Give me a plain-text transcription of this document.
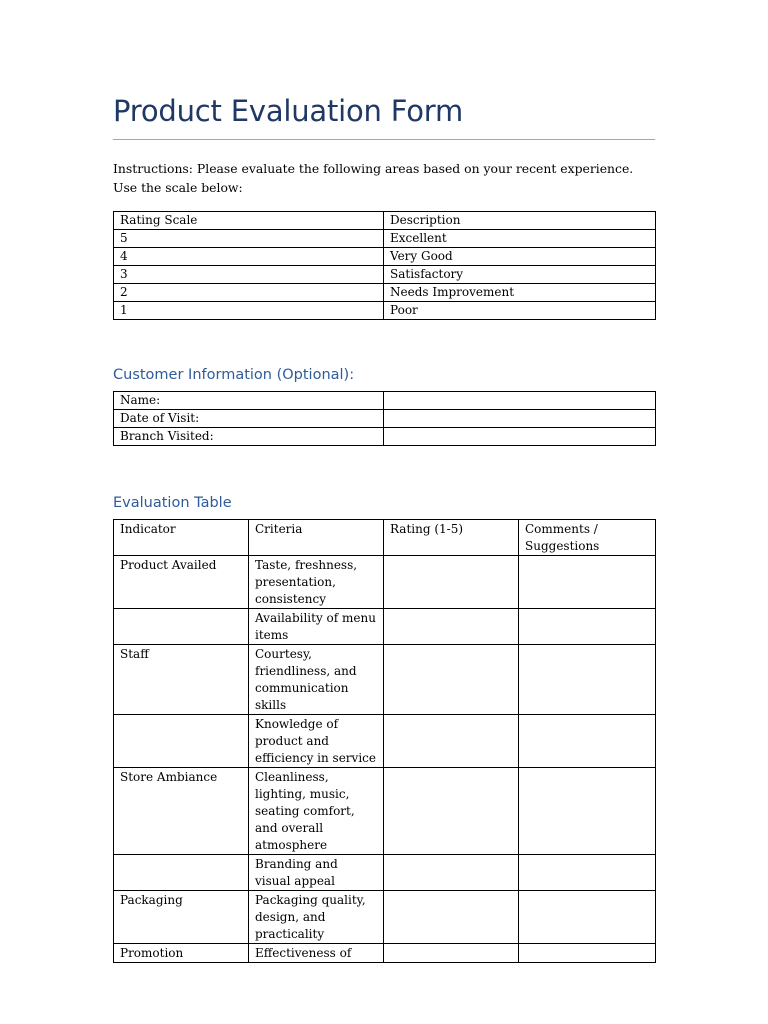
Product Evaluation Form
Instructions: Please evaluate the following areas based on your recent experience. Use the scale below:
Rating Scale	Description
5	Excellent
4	Very Good
3	Satisfactory
2	Needs Improvement
1	Poor
Customer Information (Optional):
Name:	
Date of Visit:	
Branch Visited:	
Evaluation Table
Indicator	Criteria	Rating (1-5)	Comments / Suggestions
Product Availed	Taste, freshness, presentation, consistency		
	Availability of menu items		
Staff	Courtesy, friendliness, and communication skills		
	Knowledge of product and efficiency in service		
Store Ambiance	Cleanliness, lighting, music, seating comfort, and overall atmosphere		
	Branding and visual appeal		
Packaging	Packaging quality, design, and practicality		
Promotion	Effectiveness of		
